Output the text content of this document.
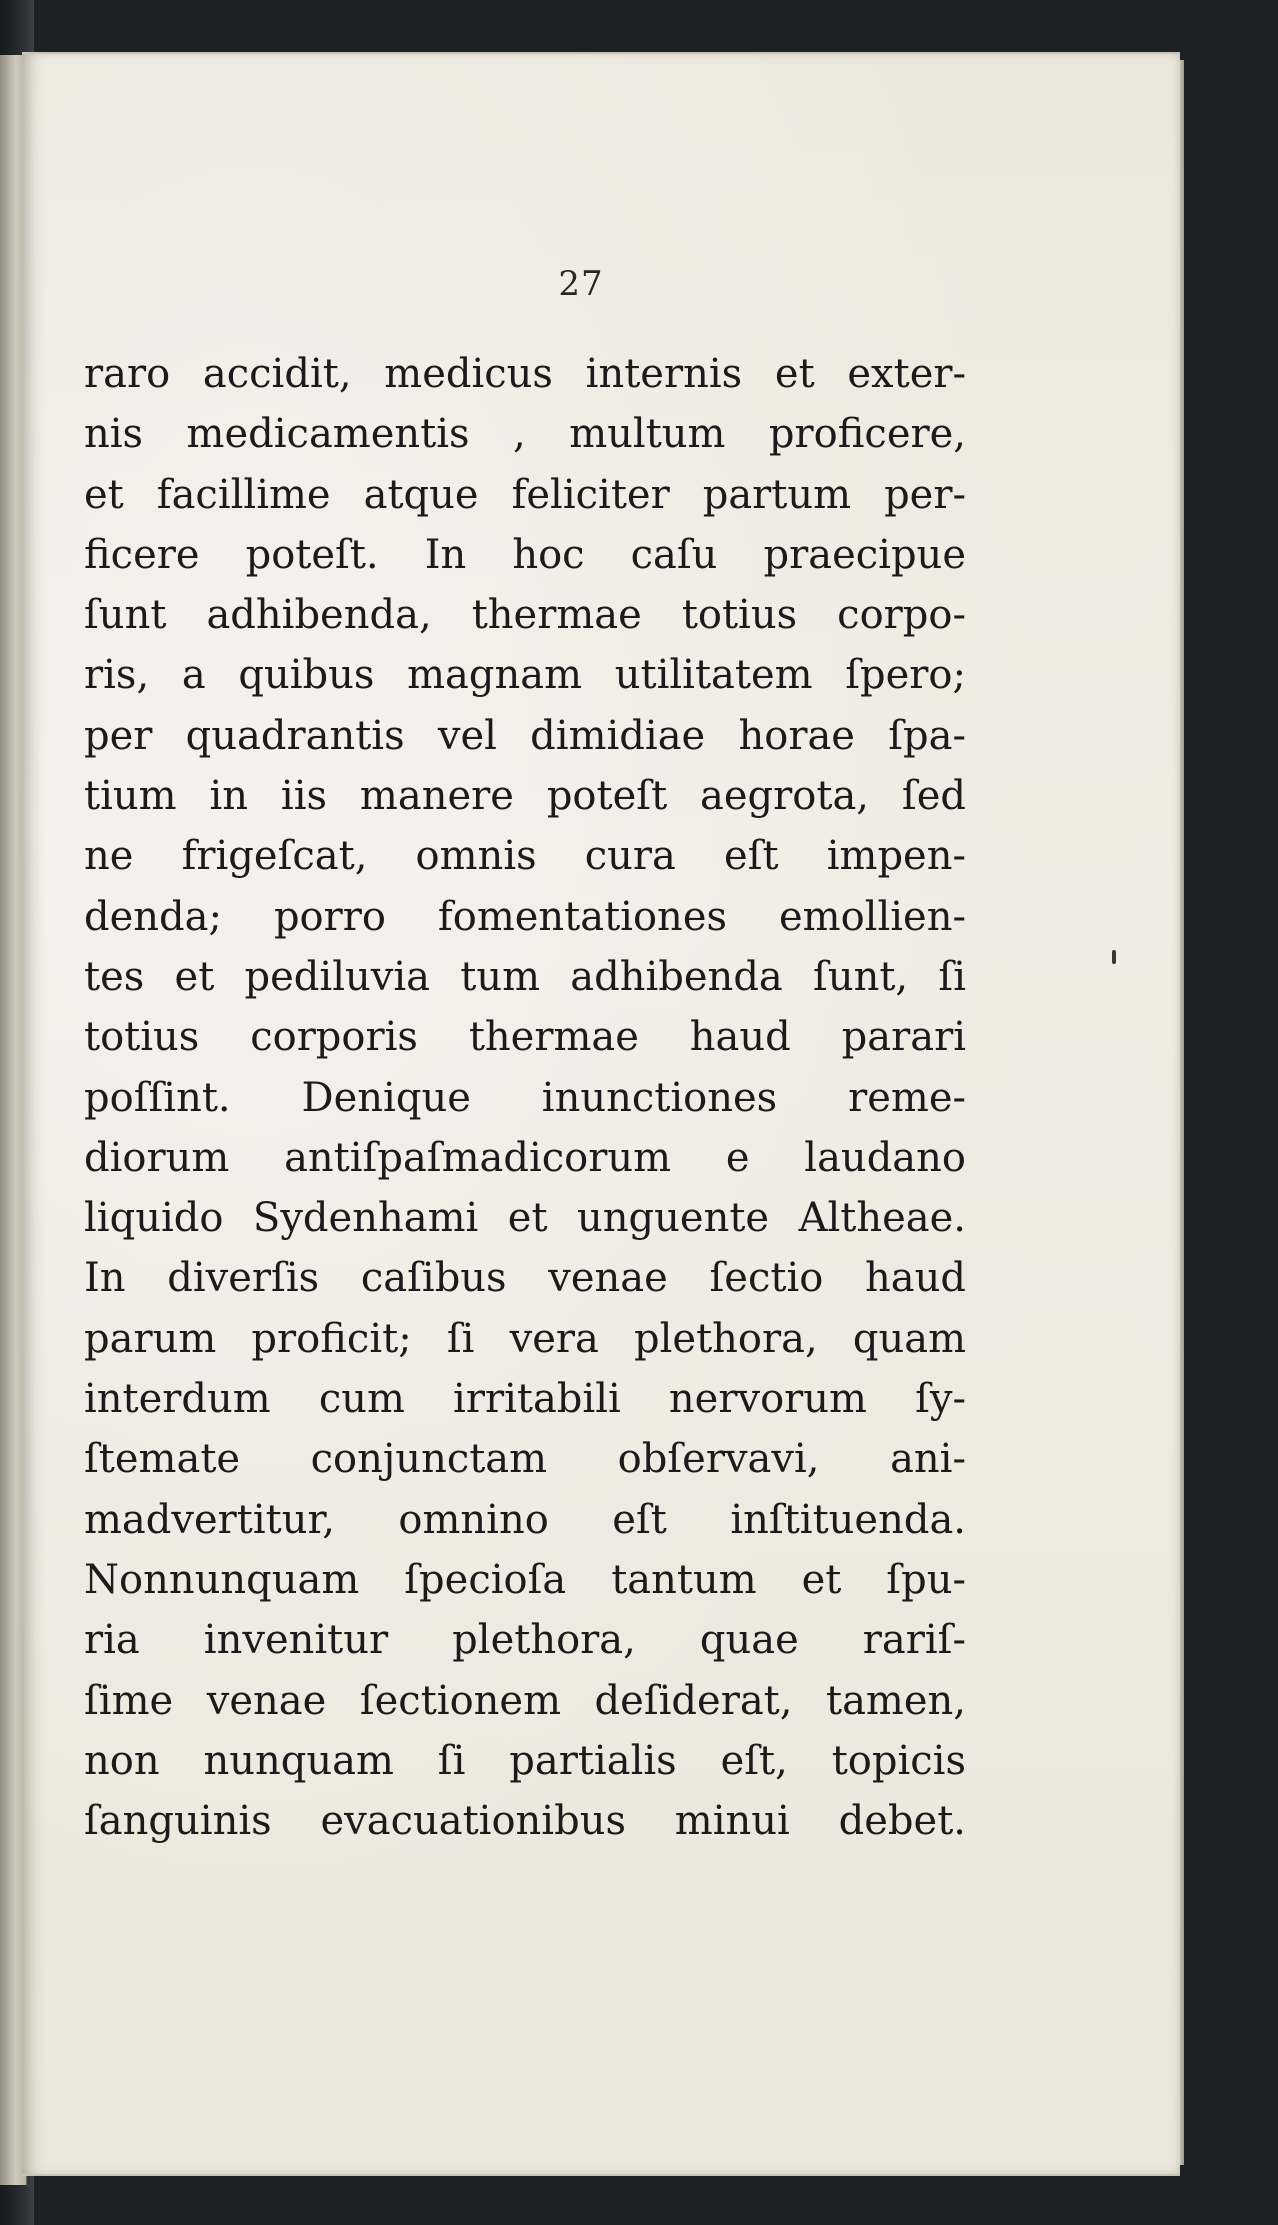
27
raro accidit, medicus internis et exter-
nis medicamentis , multum proficere,
et facillime atque feliciter partum per-
ficere poteſt. In hoc caſu praecipue
ſunt adhibenda, thermae totius corpo-
ris, a quibus magnam utilitatem ſpero;
per quadrantis vel dimidiae horae ſpa-
tium in iis manere poteſt aegrota, ſed
ne frigeſcat, omnis cura eſt impen-
denda; porro fomentationes emollien-
tes et pediluvia tum adhibenda ſunt, ſi
totius corporis thermae haud parari
poſſint. Denique inunctiones reme-
diorum antiſpaſmadicorum e laudano
liquido Sydenhami et unguente Altheae.
In diverſis caſibus venae ſectio haud
parum proficit; ſi vera plethora, quam
interdum cum irritabili nervorum ſy-
ſtemate conjunctam obſervavi, ani-
madvertitur, omnino eſt inſtituenda.
Nonnunquam ſpecioſa tantum et ſpu-
ria invenitur plethora, quae rariſ-
ſime venae ſectionem deſiderat, tamen,
non nunquam ſi partialis eſt, topicis
ſanguinis evacuationibus minui debet.
